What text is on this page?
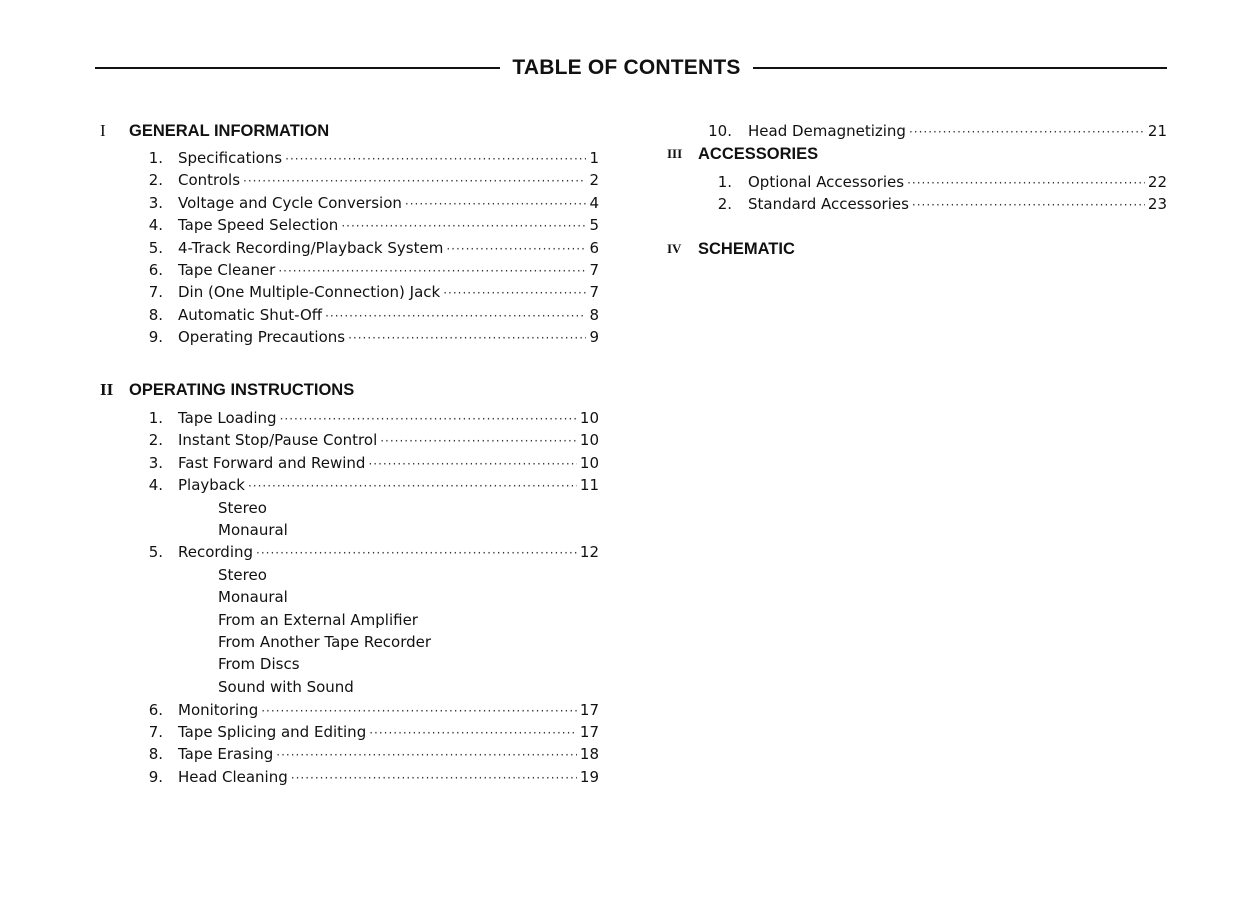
TABLE OF CONTENTS
I GENERAL INFORMATION
1. Specifications ·····	1
2. Controls ·····	2
3. Voltage and Cycle Conversion ·····	4
4. Tape Speed Selection ·····	5
5. 4-Track Recording/Playback System ·····	6
6. Tape Cleaner ·····	7
7. Din (One Multiple-Connection) Jack ·····	7
8. Automatic Shut-Off ·····	8
9. Operating Precautions ·····	9
II OPERATING INSTRUCTIONS
1. Tape Loading ·····	10
2. Instant Stop/Pause Control ·····	10
3. Fast Forward and Rewind ·····	10
4. Playback ·····	11
Stereo
Monaural
5. Recording ·····	12
Stereo
Monaural
From an External Amplifier
From Another Tape Recorder
From Discs
Sound with Sound
6. Monitoring ·····	17
7. Tape Splicing and Editing ·····	17
8. Tape Erasing ·····	18
9. Head Cleaning ·····	19
10. Head Demagnetizing ·····	21
III ACCESSORIES
1. Optional Accessories ·····	22
2. Standard Accessories ·····	23
IV SCHEMATIC
